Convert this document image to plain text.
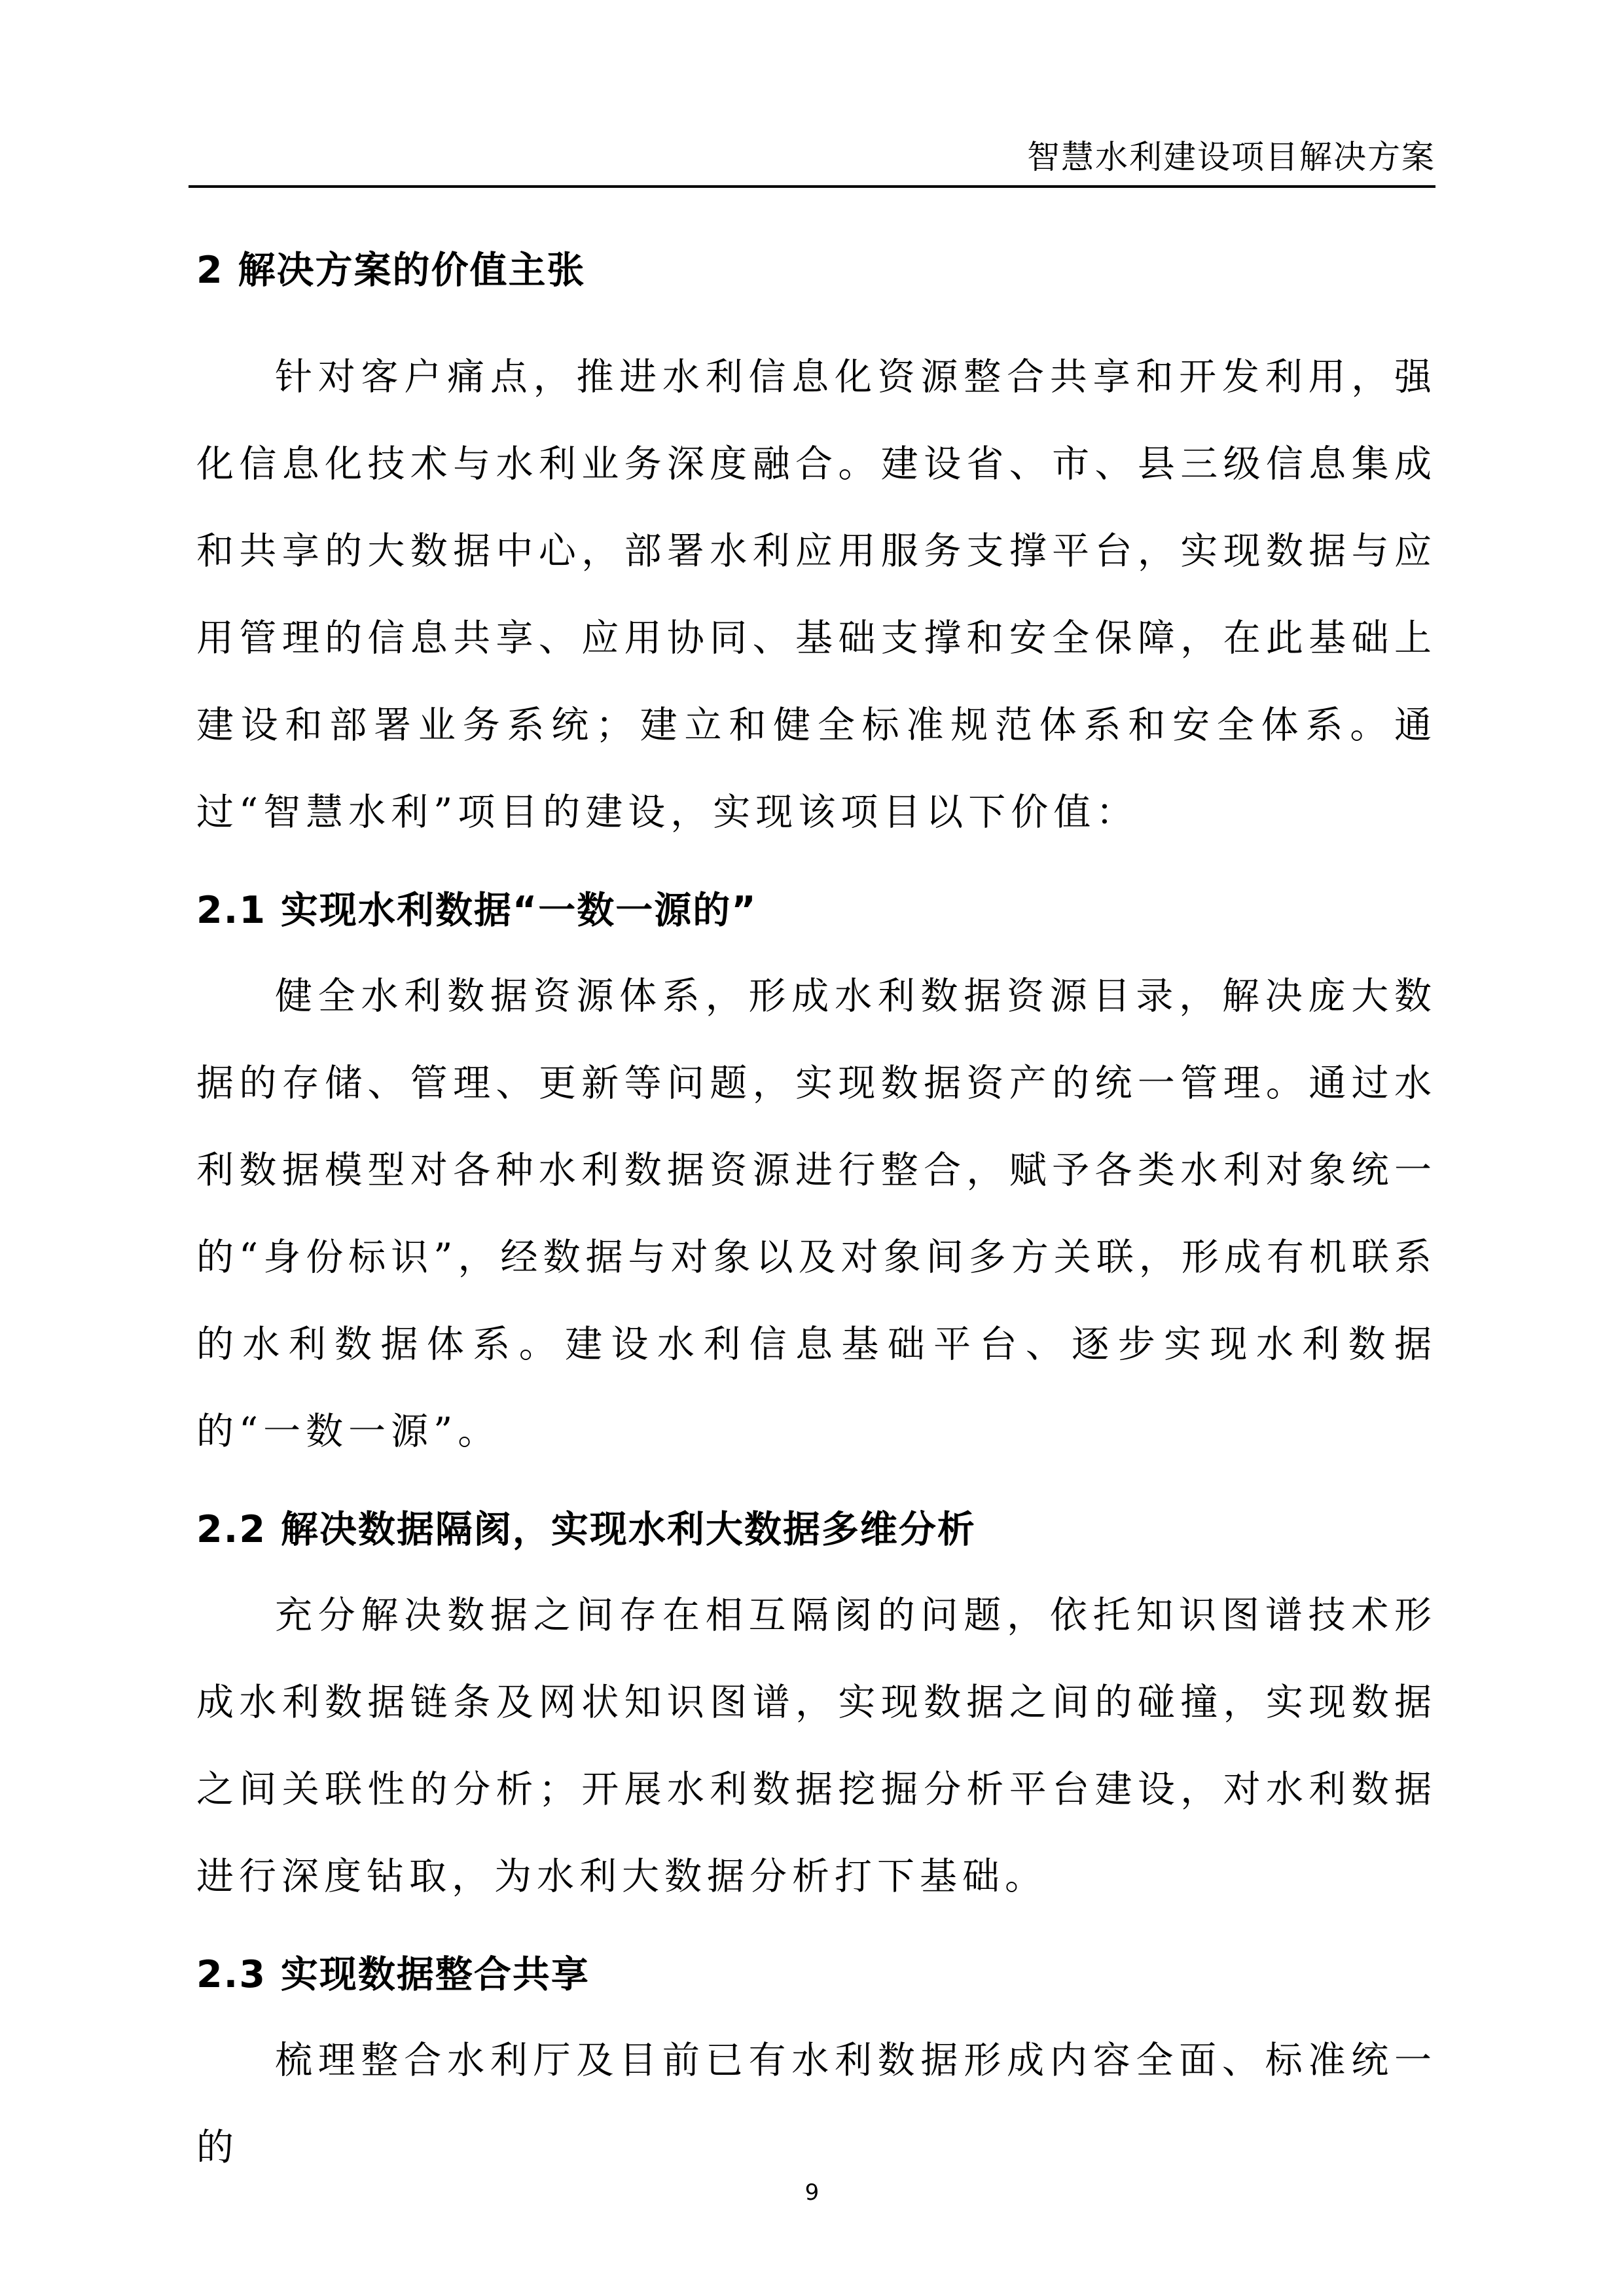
智慧水利建设项目解决方案
2 解决方案的价值主张

针对客户痛点，推进水利信息化资源整合共享和开发利用，强化信息化技术与水利业务深度融合。建设省、市、县三级信息集成和共享的大数据中心，部署水利应用服务支撑平台，实现数据与应用管理的信息共享、应用协同、基础支撑和安全保障，在此基础上建设和部署业务系统；建立和健全标准规范体系和安全体系。通过“智慧水利”项目的建设，实现该项目以下价值：

2.1 实现水利数据“一数一源的”

健全水利数据资源体系，形成水利数据资源目录，解决庞大数据的存储、管理、更新等问题，实现数据资产的统一管理。通过水利数据模型对各种水利数据资源进行整合，赋予各类水利对象统一的“身份标识”，经数据与对象以及对象间多方关联，形成有机联系的水利数据体系。建设水利信息基础平台、逐步实现水利数据的“一数一源”。

2.2 解决数据隔阂，实现水利大数据多维分析

充分解决数据之间存在相互隔阂的问题，依托知识图谱技术形成水利数据链条及网状知识图谱，实现数据之间的碰撞，实现数据之间关联性的分析；开展水利数据挖掘分析平台建设，对水利数据进行深度钻取，为水利大数据分析打下基础。

2.3 实现数据整合共享

梳理整合水利厅及目前已有水利数据形成内容全面、标准统一的

9
